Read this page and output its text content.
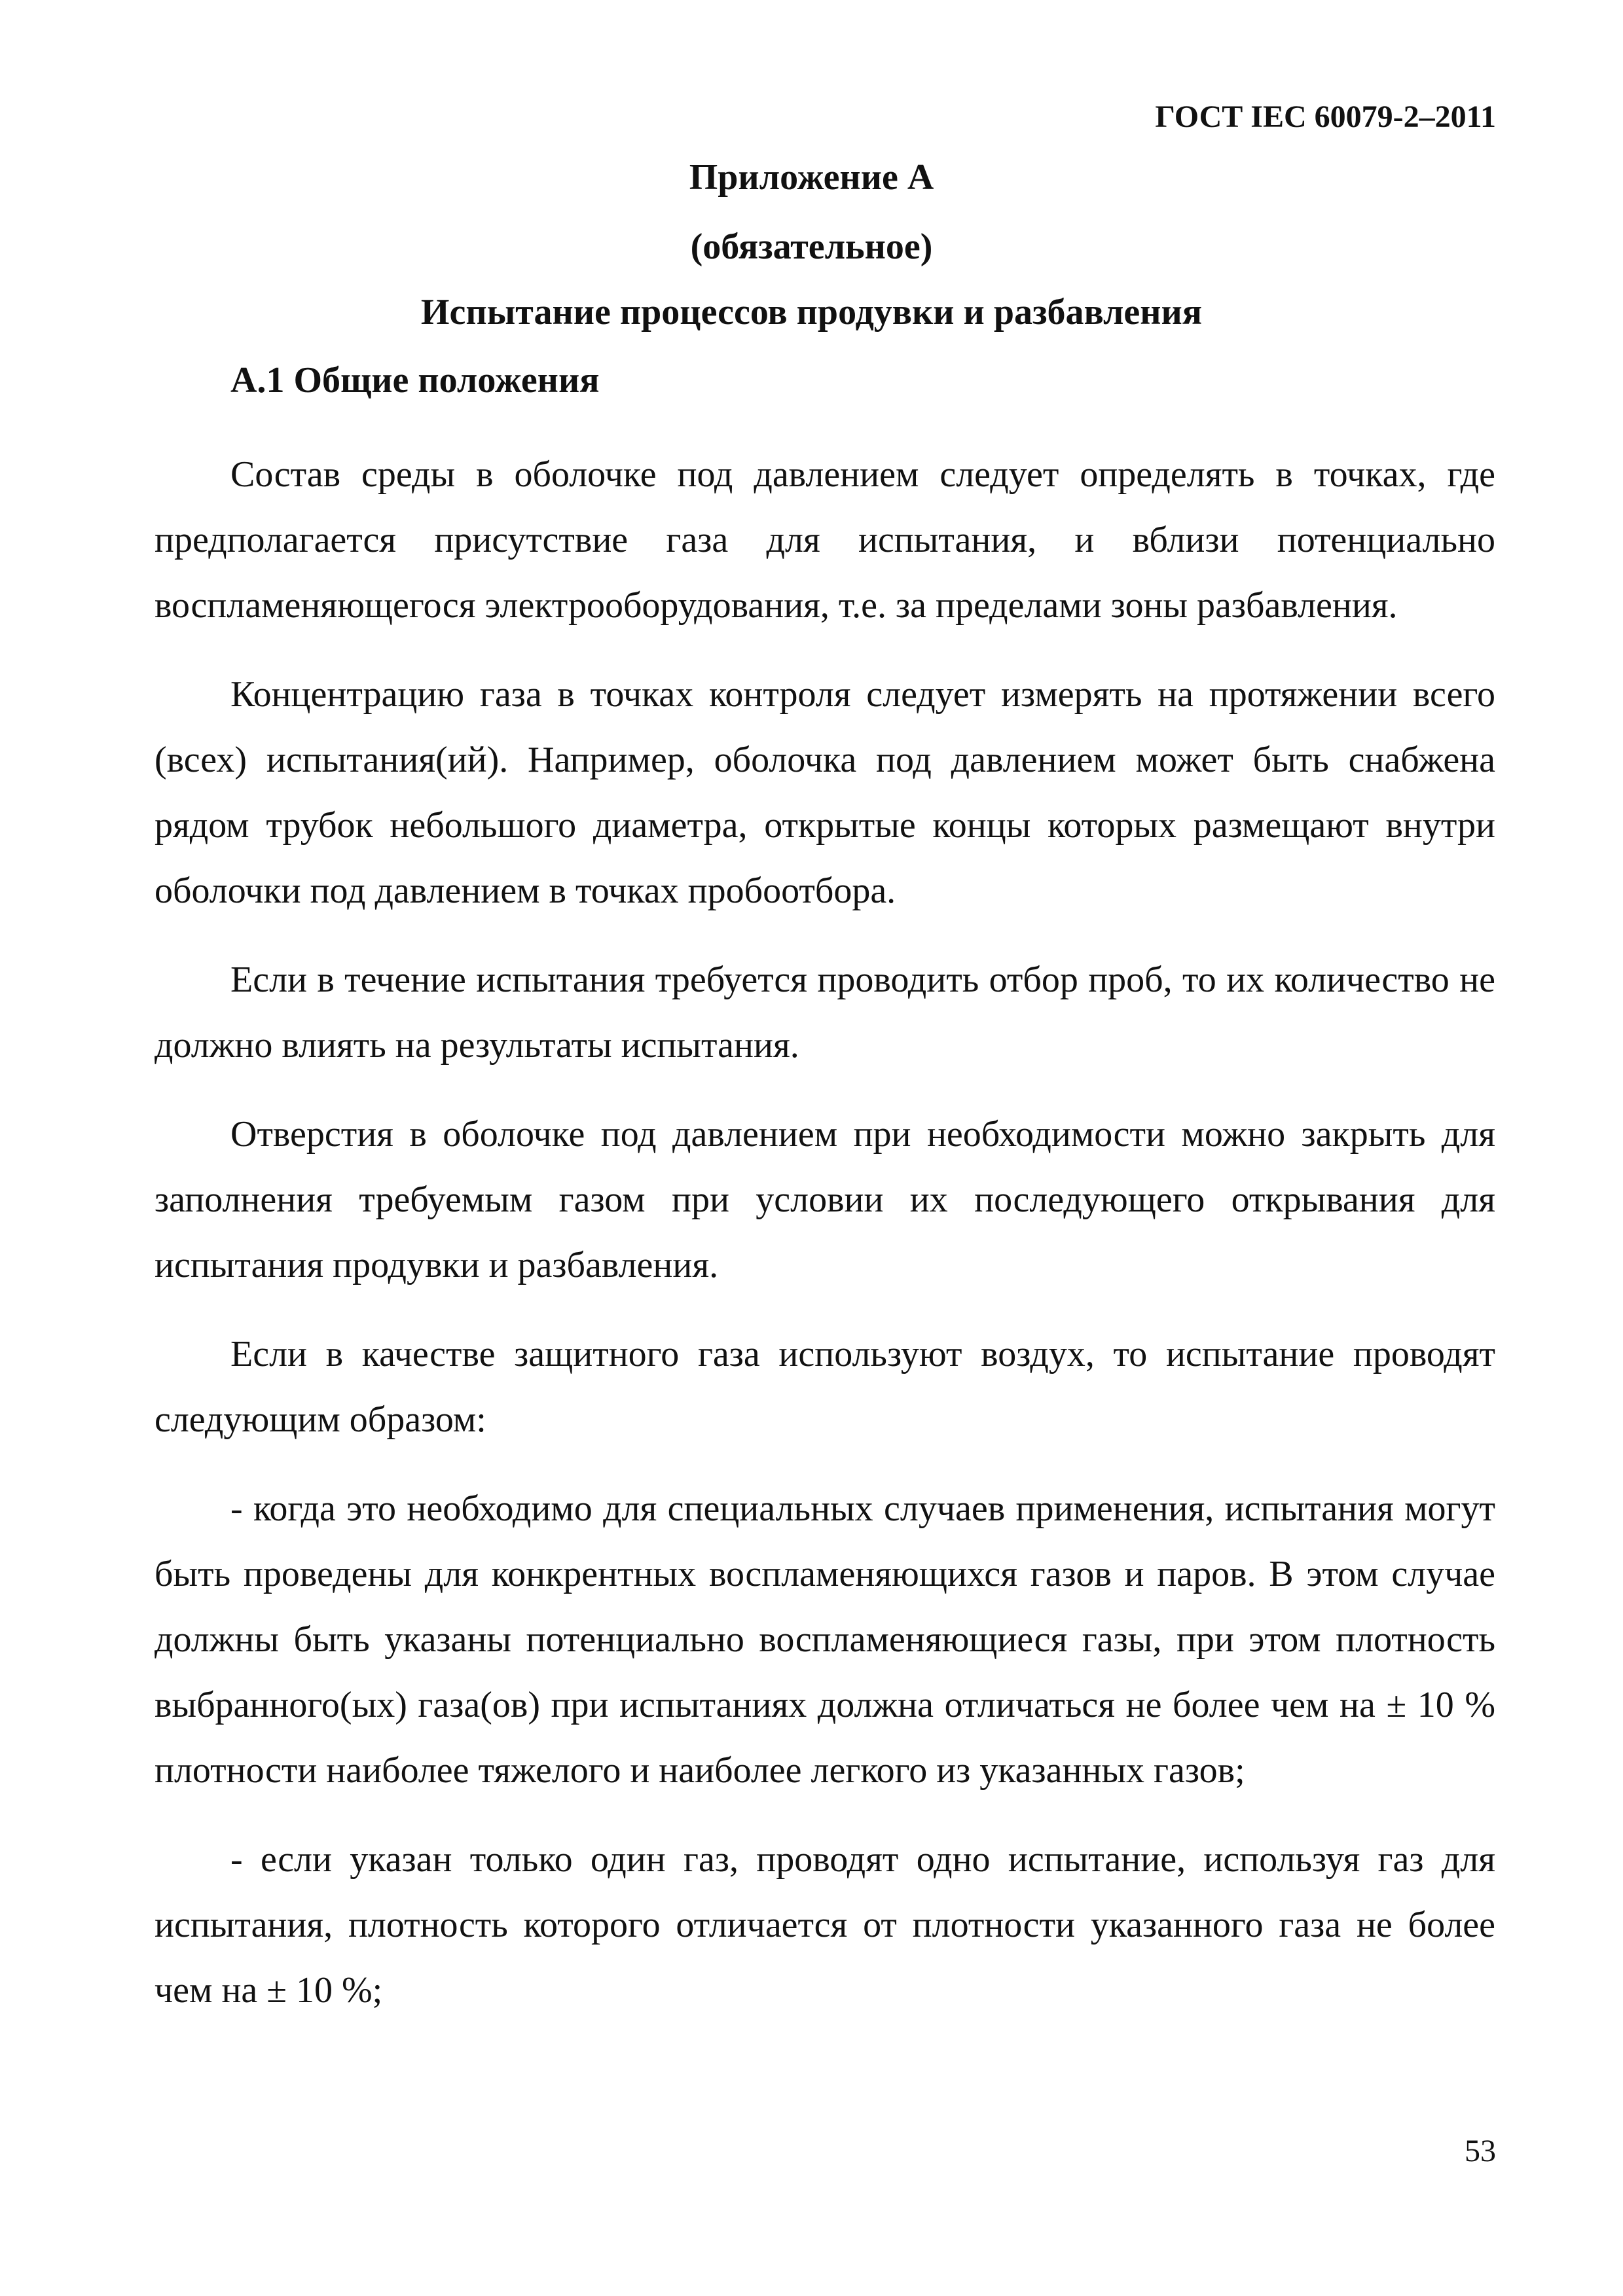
ГОСТ IEC 60079-2–2011
Приложение А
(обязательное)
Испытание процессов продувки и разбавления
А.1 Общие положения

Состав среды в оболочке под давлением следует определять в точках, где предполагается присутствие газа для испытания, и вблизи потенциально воспламеняющегося электрооборудования, т.е. за пределами зоны разбавления.

Концентрацию газа в точках контроля следует измерять на протяжении всего (всех) испытания(ий). Например, оболочка под давлением может быть снабжена рядом трубок небольшого диаметра, открытые концы которых размещают внутри оболочки под давлением в точках пробоотбора.

Если в течение испытания требуется проводить отбор проб, то их количество не должно влиять на результаты испытания.

Отверстия в оболочке под давлением при необходимости можно закрыть для заполнения требуемым газом при условии их последующего открывания для испытания продувки и разбавления.

Если в качестве защитного газа используют воздух, то испытание проводят следующим образом:

- когда это необходимо для специальных случаев применения, испытания могут быть проведены для конкрентных воспламеняющихся газов и паров. В этом случае должны быть указаны потенциально воспламеняющиеся газы, при этом плотность выбранного(ых) газа(ов) при испытаниях должна отличаться не более чем на ± 10 % плотности наиболее тяжелого и наиболее легкого из указанных газов;

- если указан только один газ, проводят одно испытание, используя газ для испытания, плотность которого отличается от плотности указанного газа не более чем на ± 10 %;

53
